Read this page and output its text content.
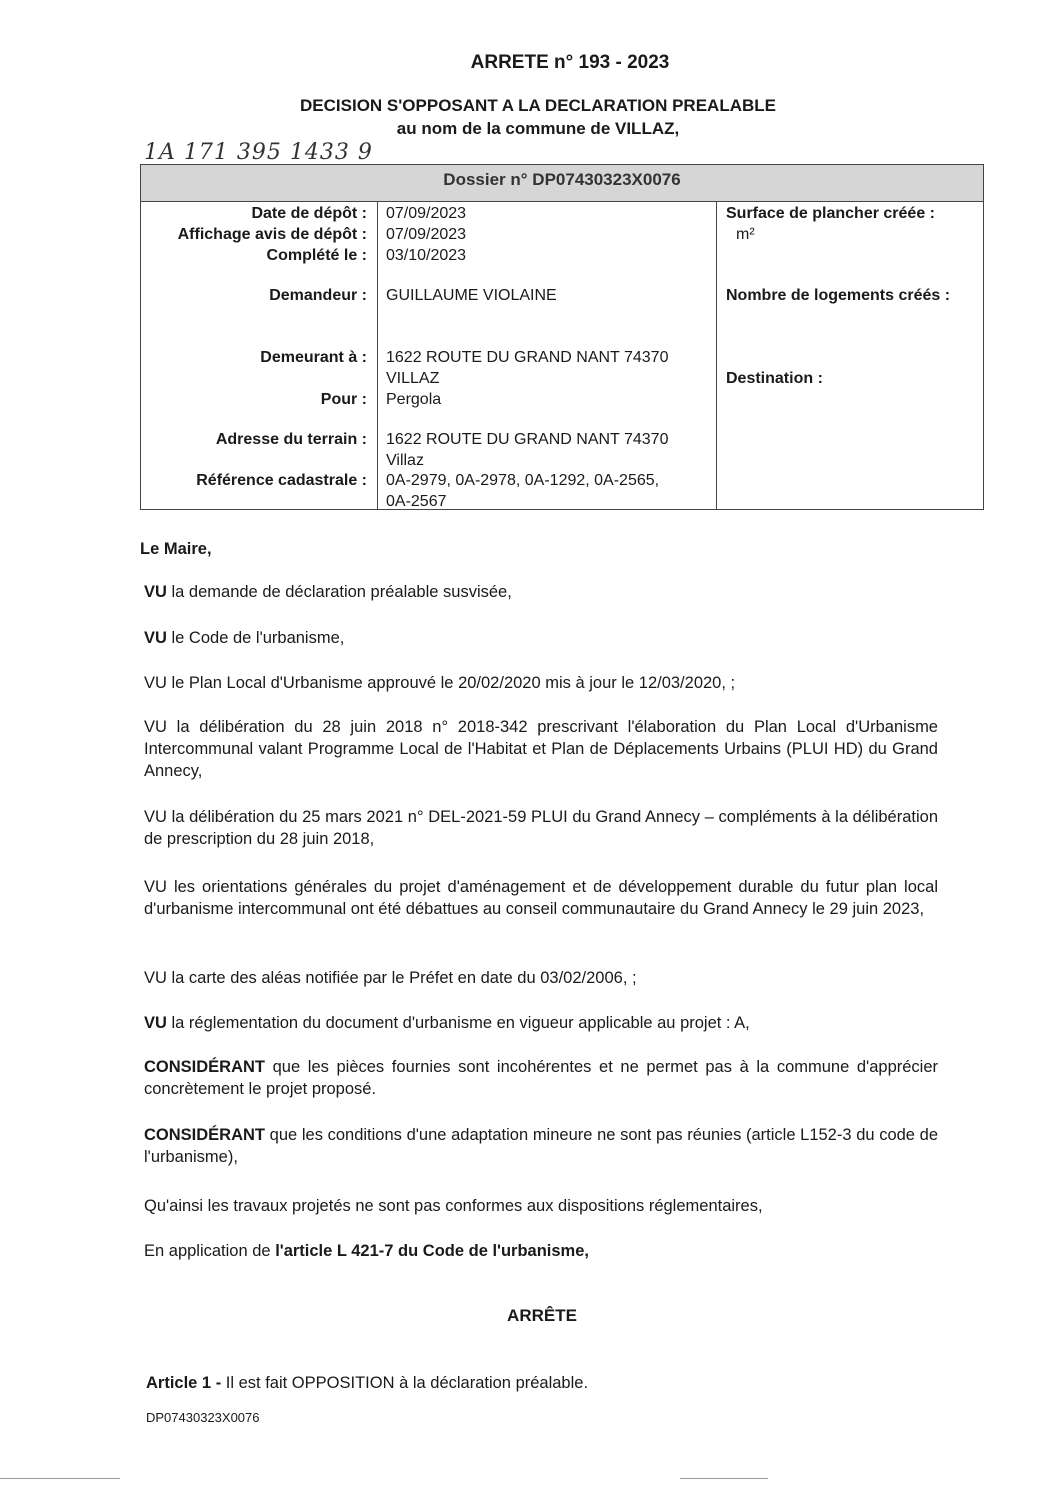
ARRETE n° 193 - 2023
DECISION S'OPPOSANT A LA DECLARATION PREALABLE
au nom de la commune de VILLAZ,
1A 171 395 1433 9
Dossier n° DP07430323X0076
Date de dépôt :
Affichage avis de dépôt :
Complété le :
Demandeur :
Demeurant à :
Pour :
Adresse du terrain :
Référence cadastrale :
07/09/2023
07/09/2023
03/10/2023
GUILLAUME VIOLAINE
1622 ROUTE DU GRAND NANT 74370
VILLAZ
Pergola
1622 ROUTE DU GRAND NANT 74370
Villaz
0A-2979, 0A-2978, 0A-1292, 0A-2565,
0A-2567
Surface de plancher créée :
m²
Nombre de logements créés :
Destination :
Le Maire,
VU la demande de déclaration préalable susvisée,
VU le Code de l'urbanisme,
VU le Plan Local d'Urbanisme approuvé le 20/02/2020 mis à jour le 12/03/2020, ;
VU la délibération du 28 juin 2018 n° 2018-342 prescrivant l'élaboration du Plan Local d'Urbanisme Intercommunal valant Programme Local de l'Habitat et Plan de Déplacements Urbains (PLUI HD) du Grand Annecy,
VU la délibération du 25 mars 2021 n° DEL-2021-59 PLUI du Grand Annecy – compléments à la délibération de prescription du 28 juin 2018,
VU les orientations générales du projet d'aménagement et de développement durable du futur plan local d'urbanisme intercommunal ont été débattues au conseil communautaire du Grand Annecy le 29 juin 2023,
VU la carte des aléas notifiée par le Préfet en date du 03/02/2006, ;
VU la réglementation du document d'urbanisme en vigueur applicable au projet : A,
CONSIDÉRANT que les pièces fournies sont incohérentes et ne permet pas à la commune d'apprécier concrètement le projet proposé.
CONSIDÉRANT que les conditions d'une adaptation mineure ne sont pas réunies (article L152-3 du code de l'urbanisme),
Qu'ainsi les travaux projetés ne sont pas conformes aux dispositions réglementaires,
En application de l'article L 421-7 du Code de l'urbanisme,
ARRÊTE
Article 1 - Il est fait OPPOSITION à la déclaration préalable.
DP07430323X0076
